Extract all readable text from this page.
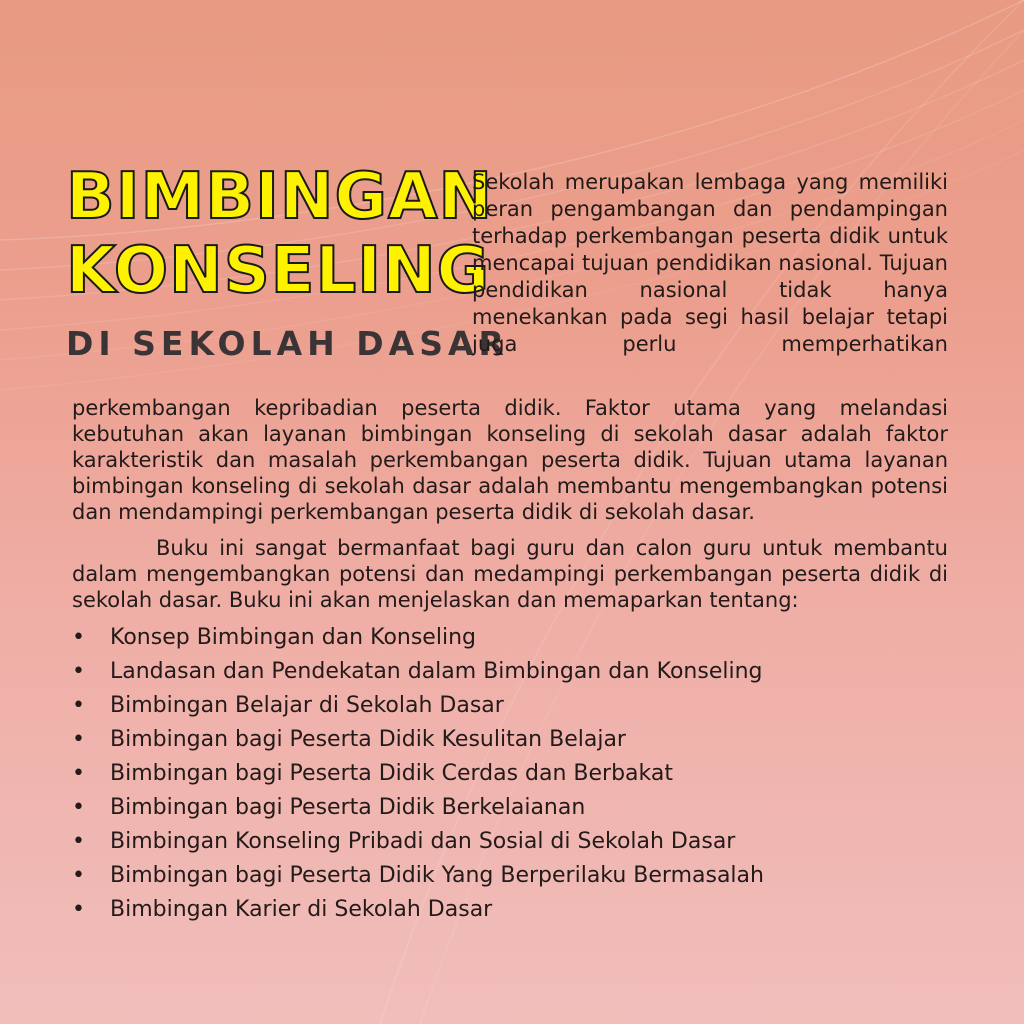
BIMBINGAN
KONSELING
DI SEKOLAH DASAR
Sekolah merupakan lembaga yang memiliki peran pengambangan dan pendampingan terhadap perkembangan peserta didik untuk mencapai tujuan pendidikan nasional. Tujuan pendidikan nasional tidak hanya menekankan pada segi hasil belajar tetapi juga perlu memperhatikan
perkembangan kepribadian peserta didik. Faktor utama yang melandasi kebutuhan akan layanan bimbingan konseling di sekolah dasar adalah faktor karakteristik dan masalah perkembangan peserta didik. Tujuan utama layanan bimbingan konseling di sekolah dasar adalah membantu mengembangkan potensi dan mendampingi perkembangan peserta didik di sekolah dasar.
Buku ini sangat bermanfaat bagi guru dan calon guru untuk membantu dalam mengembangkan potensi dan medampingi perkembangan peserta didik di sekolah dasar. Buku ini akan menjelaskan dan memaparkan tentang:
• Konsep Bimbingan dan Konseling
• Landasan dan Pendekatan dalam Bimbingan dan Konseling
• Bimbingan Belajar di Sekolah Dasar
• Bimbingan bagi Peserta Didik Kesulitan Belajar
• Bimbingan bagi Peserta Didik Cerdas dan Berbakat
• Bimbingan bagi Peserta Didik Berkelaianan
• Bimbingan Konseling Pribadi dan Sosial di Sekolah Dasar
• Bimbingan bagi Peserta Didik Yang Berperilaku Bermasalah
• Bimbingan Karier di Sekolah Dasar
